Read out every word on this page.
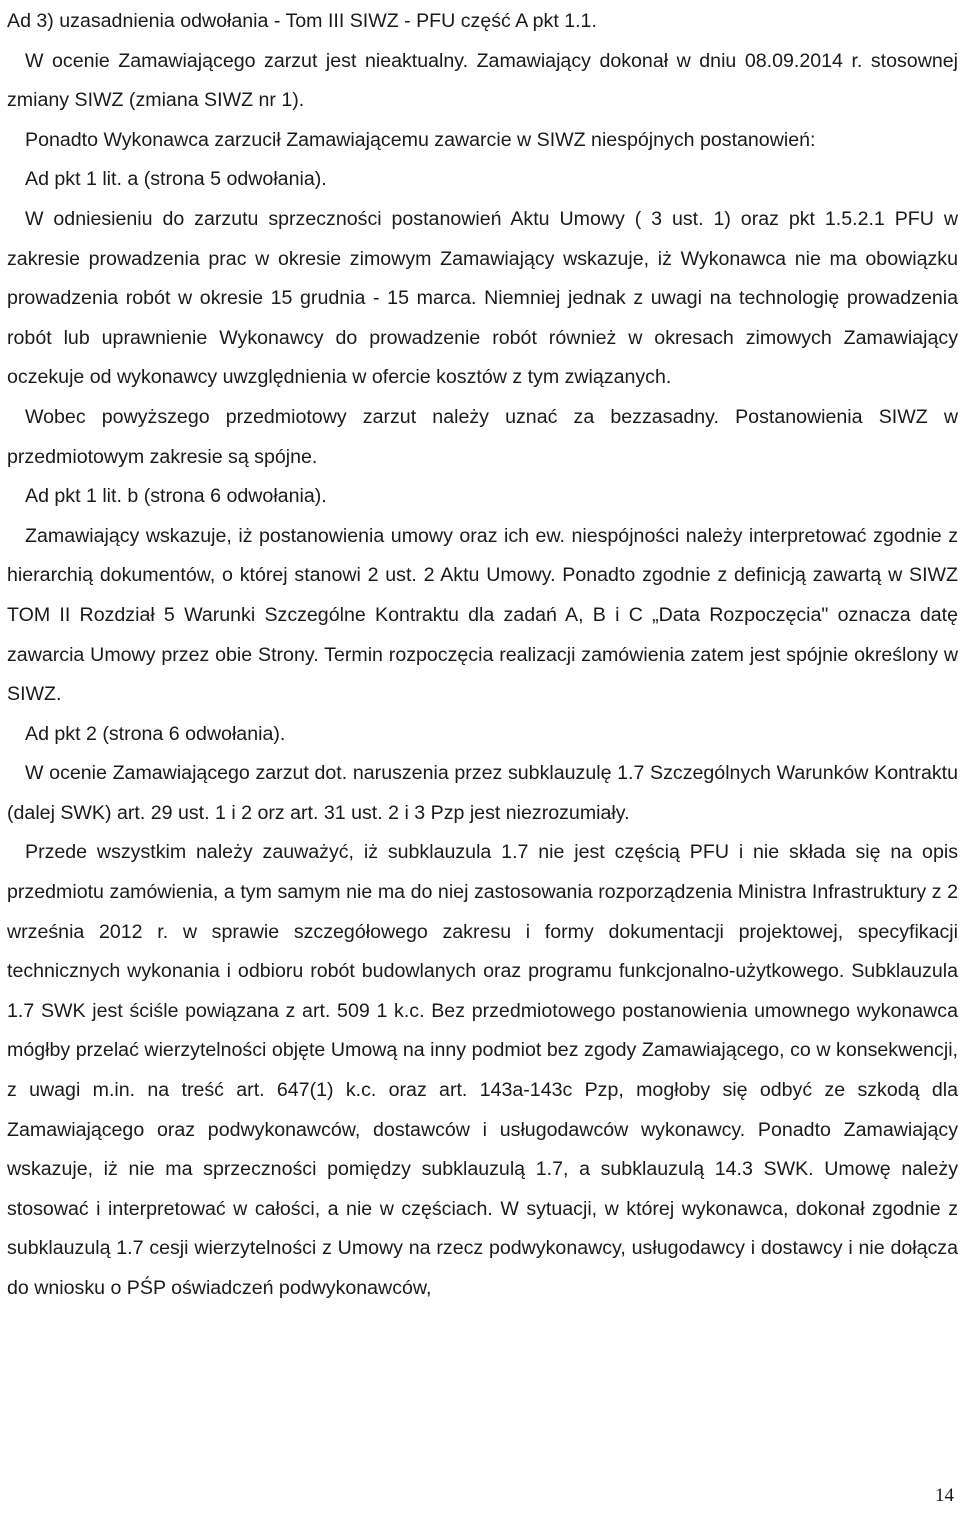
Ad 3) uzasadnienia odwołania - Tom III SIWZ - PFU część A pkt 1.1.

W ocenie Zamawiającego zarzut jest nieaktualny. Zamawiający dokonał w dniu 08.09.2014 r. stosownej zmiany SIWZ (zmiana SIWZ nr 1).

Ponadto Wykonawca zarzucił Zamawiającemu zawarcie w SIWZ niespójnych postanowień:

Ad pkt 1 lit. a (strona 5 odwołania).

W odniesieniu do zarzutu sprzeczności postanowień Aktu Umowy ( 3 ust. 1) oraz pkt 1.5.2.1 PFU w zakresie prowadzenia prac w okresie zimowym Zamawiający wskazuje, iż Wykonawca nie ma obowiązku prowadzenia robót w okresie 15 grudnia - 15 marca. Niemniej jednak z uwagi na technologię prowadzenia robót lub uprawnienie Wykonawcy do prowadzenie robót również w okresach zimowych Zamawiający oczekuje od wykonawcy uwzględnienia w ofercie kosztów z tym związanych.

Wobec powyższego przedmiotowy zarzut należy uznać za bezzasadny. Postanowienia SIWZ w przedmiotowym zakresie są spójne.

Ad pkt 1 lit. b (strona 6 odwołania).

Zamawiający wskazuje, iż postanowienia umowy oraz ich ew. niespójności należy interpretować zgodnie z hierarchią dokumentów, o której stanowi 2 ust. 2 Aktu Umowy. Ponadto zgodnie z definicją zawartą w SIWZ TOM II Rozdział 5 Warunki Szczególne Kontraktu dla zadań A, B i C „Data Rozpoczęcia" oznacza datę zawarcia Umowy przez obie Strony. Termin rozpoczęcia realizacji zamówienia zatem jest spójnie określony w SIWZ.

Ad pkt 2 (strona 6 odwołania).

W ocenie Zamawiającego zarzut dot. naruszenia przez subklauzulę 1.7 Szczególnych Warunków Kontraktu (dalej SWK) art. 29 ust. 1 i 2 orz art. 31 ust. 2 i 3 Pzp jest niezrozumiały.

Przede wszystkim należy zauważyć, iż subklauzula 1.7 nie jest częścią PFU i nie składa się na opis przedmiotu zamówienia, a tym samym nie ma do niej zastosowania rozporządzenia Ministra Infrastruktury z 2 września 2012 r. w sprawie szczegółowego zakresu i formy dokumentacji projektowej, specyfikacji technicznych wykonania i odbioru robót budowlanych oraz programu funkcjonalno-użytkowego. Subklauzula 1.7 SWK jest ściśle powiązana z art. 509 1 k.c. Bez przedmiotowego postanowienia umownego wykonawca mógłby przelać wierzytelności objęte Umową na inny podmiot bez zgody Zamawiającego, co w konsekwencji, z uwagi m.in. na treść art. 647(1) k.c. oraz art. 143a-143c Pzp, mogłoby się odbyć ze szkodą dla Zamawiającego oraz podwykonawców, dostawców i usługodawców wykonawcy. Ponadto Zamawiający wskazuje, iż nie ma sprzeczności pomiędzy subklauzulą 1.7, a subklauzulą 14.3 SWK. Umowę należy stosować i interpretować w całości, a nie w częściach. W sytuacji, w której wykonawca, dokonał zgodnie z subklauzulą 1.7 cesji wierzytelności z Umowy na rzecz podwykonawcy, usługodawcy i dostawcy i nie dołącza do wniosku o PŚP oświadczeń podwykonawców,

14
